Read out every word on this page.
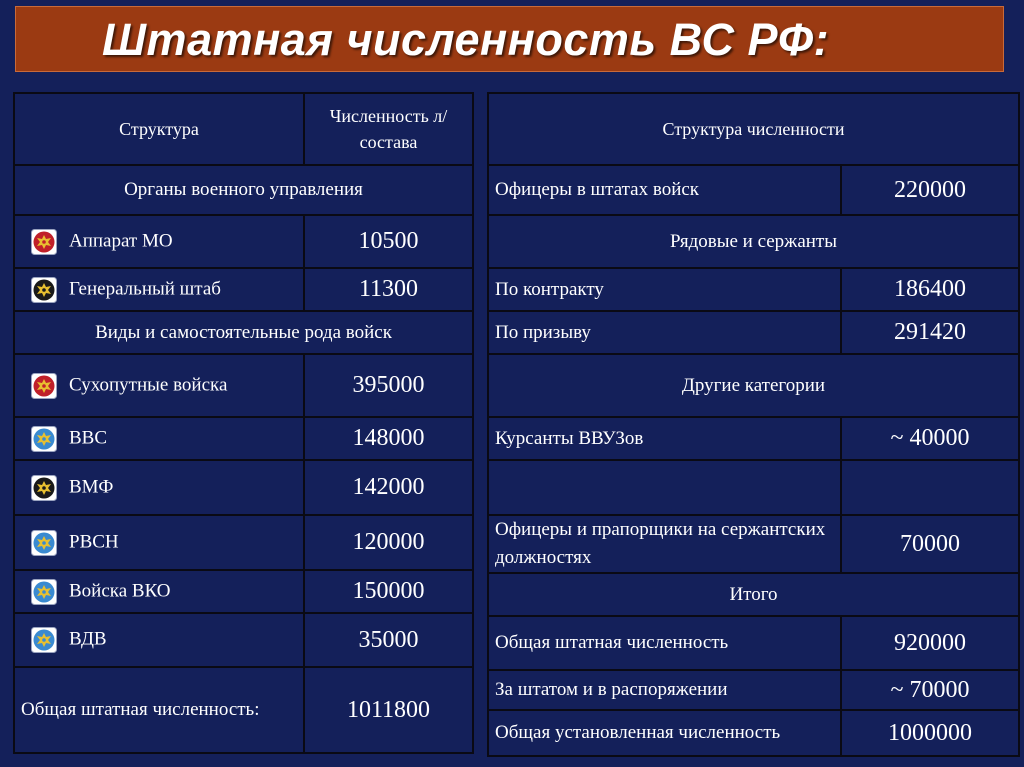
Штатная численность ВС РФ:
Структура	Численность л/состава
Органы военного управления	

Аппарат МО	10500

Генеральный штаб	11300
Виды и самостоятельные рода войск	

Сухопутные войска	395000

ВВС	148000

ВМФ	142000

РВСН	120000

Войска ВКО	150000

ВДВ	35000
Общая штатная численность:	1011800
Структура численности	
Офицеры в штатах войск	220000
Рядовые и сержанты	
По контракту	186400
По призыву	291420
Другие категории	
Курсанты ВВУЗов	~ 40000

Офицеры и прапорщики на сержантских должностях	70000
Итого	
Общая штатная численность	920000
За штатом и в распоряжении	~ 70000
Общая установленная численность	1000000
